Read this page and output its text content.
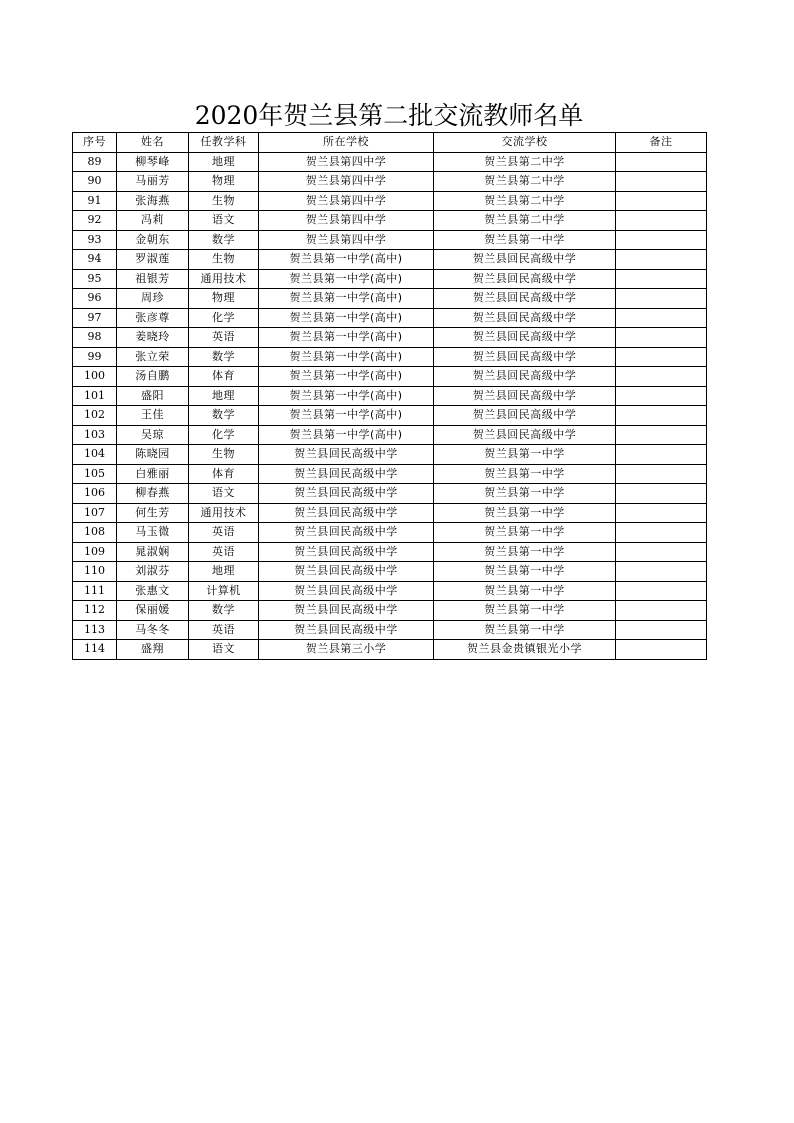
2020年贺兰县第二批交流教师名单
序号	姓名	任教学科	所在学校	交流学校	备注
89	柳琴峰	地理	贺兰县第四中学	贺兰县第二中学	
90	马丽芳	物理	贺兰县第四中学	贺兰县第二中学	
91	张海燕	生物	贺兰县第四中学	贺兰县第二中学	
92	冯莉	语文	贺兰县第四中学	贺兰县第二中学	
93	金朝东	数学	贺兰县第四中学	贺兰县第一中学	
94	罗淑莲	生物	贺兰县第一中学(高中)	贺兰县回民高级中学	
95	祖银芳	通用技术	贺兰县第一中学(高中)	贺兰县回民高级中学	
96	周珍	物理	贺兰县第一中学(高中)	贺兰县回民高级中学	
97	张彦尊	化学	贺兰县第一中学(高中)	贺兰县回民高级中学	
98	姜晓玲	英语	贺兰县第一中学(高中)	贺兰县回民高级中学	
99	张立荣	数学	贺兰县第一中学(高中)	贺兰县回民高级中学	
100	汤自鹏	体育	贺兰县第一中学(高中)	贺兰县回民高级中学	
101	盛阳	地理	贺兰县第一中学(高中)	贺兰县回民高级中学	
102	王佳	数学	贺兰县第一中学(高中)	贺兰县回民高级中学	
103	吴琼	化学	贺兰县第一中学(高中)	贺兰县回民高级中学	
104	陈晓园	生物	贺兰县回民高级中学	贺兰县第一中学	
105	白雅丽	体育	贺兰县回民高级中学	贺兰县第一中学	
106	柳春燕	语文	贺兰县回民高级中学	贺兰县第一中学	
107	何生芳	通用技术	贺兰县回民高级中学	贺兰县第一中学	
108	马玉微	英语	贺兰县回民高级中学	贺兰县第一中学	
109	晁淑娴	英语	贺兰县回民高级中学	贺兰县第一中学	
110	刘淑芬	地理	贺兰县回民高级中学	贺兰县第一中学	
111	张惠文	计算机	贺兰县回民高级中学	贺兰县第一中学	
112	保丽媛	数学	贺兰县回民高级中学	贺兰县第一中学	
113	马冬冬	英语	贺兰县回民高级中学	贺兰县第一中学	
114	盛翔	语文	贺兰县第三小学	贺兰县金贵镇银光小学	
